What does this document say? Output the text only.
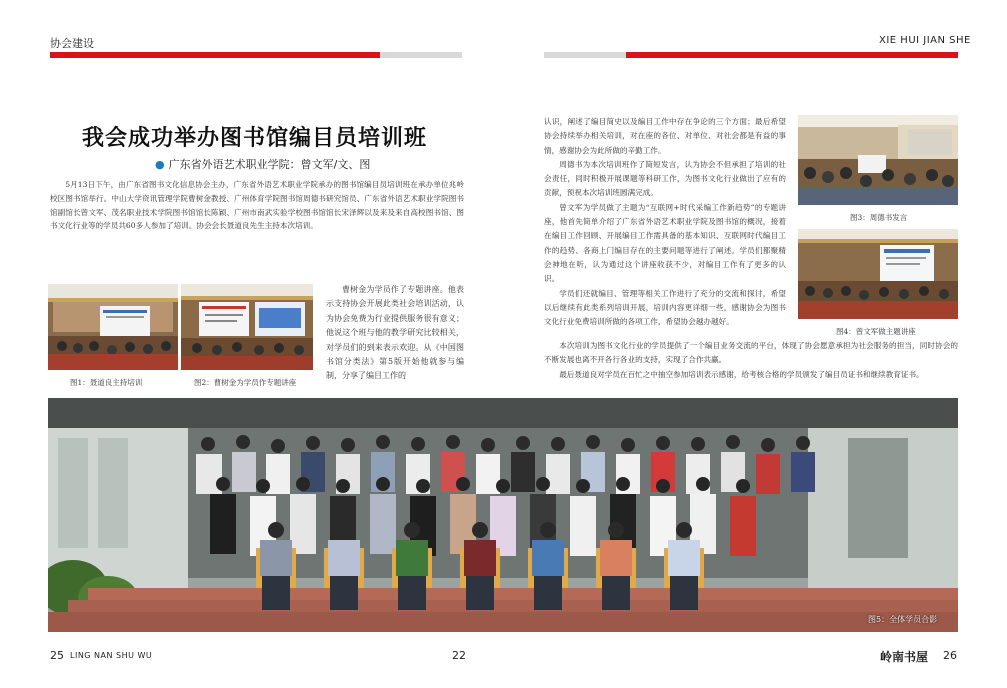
协会建设	XIE HUI JIAN SHE
我会成功举办图书馆编目员培训班
● 广东省外语艺术职业学院：曾文军/文、图

5月13日下午，由广东省图书文化信息协会主办，广东省外语艺术职业学院承办的图书馆编目员培训班在承办单位兆岭校区图书馆举行。中山大学资讯管理学院曹树金教授、广州体育学院图书馆周德书研究馆员、广东省外语艺术职业学院图书馆副馆长曾文军、茂名职业技术学院图书馆馆长陈颖、广州市南武实验学校图书馆馆长宋泽辉以及来及来自高校图书馆、图书文化行业等的学员共60多人参加了培训。协会会长聂道良先生主持本次培训。

图1：聂道良主持培训	图2：曹树金为学员作专题讲座

曹树金为学员作了专题讲座。他表示支持协会开展此类社会培训活动，认为协会免费为行业提供服务很有意义；他说这个班与他的教学研究比较相关，对学员们的到来表示欢迎。从《中国图书馆分类法》第5版开始他就参与编制，分享了编目工作的

认识，阐述了编目简史以及编目工作中存在争论的三个方面；最后希望协会持续举办相关培训，对在座的各位、对单位、对社会都是有益的事情，感谢协会为此所做的辛勤工作。

周德书为本次培训班作了简短发言，认为协会不但承担了培训的社会责任，同时积极开展课题等科研工作，为图书文化行业做出了应有的贡献，预祝本次培训班圆满完成。

曾文军为学员做了主题为“互联网+时代采编工作新趋势”的专题讲座，他首先简单介绍了广东省外语艺术职业学院及图书馆的概况，接着在编目工作回顾、开展编目工作需具备的基本知识、互联网时代编目工作的趋势、各商上门编目存在的主要问题等进行了阐述。学员们都聚精会神地在听，认为通过这个讲座收获不少，对编目工作有了更多的认识。

学员们还就编目、管理等相关工作进行了充分的交流和探讨，希望以后继续有此类系列培训开展，培训内容更详细一些，感谢协会为图书文化行业免费培训所做的各项工作，希望协会越办越好。

本次培训为图书文化行业的学员提供了一个编目业务交流的平台，体现了协会愿意承担为社会服务的担当，同时协会的不断发展也离不开各行各业的支持，实现了合作共赢。

最后聂道良对学员在百忙之中抽空参加培训表示感谢，给考核合格的学员颁发了编目员证书和继续教育证书。

图3：周德书发言
图4：曾文军做主题讲座
图5：全体学员合影
25 LING NAN SHU WU	22	岭南书屋 26
